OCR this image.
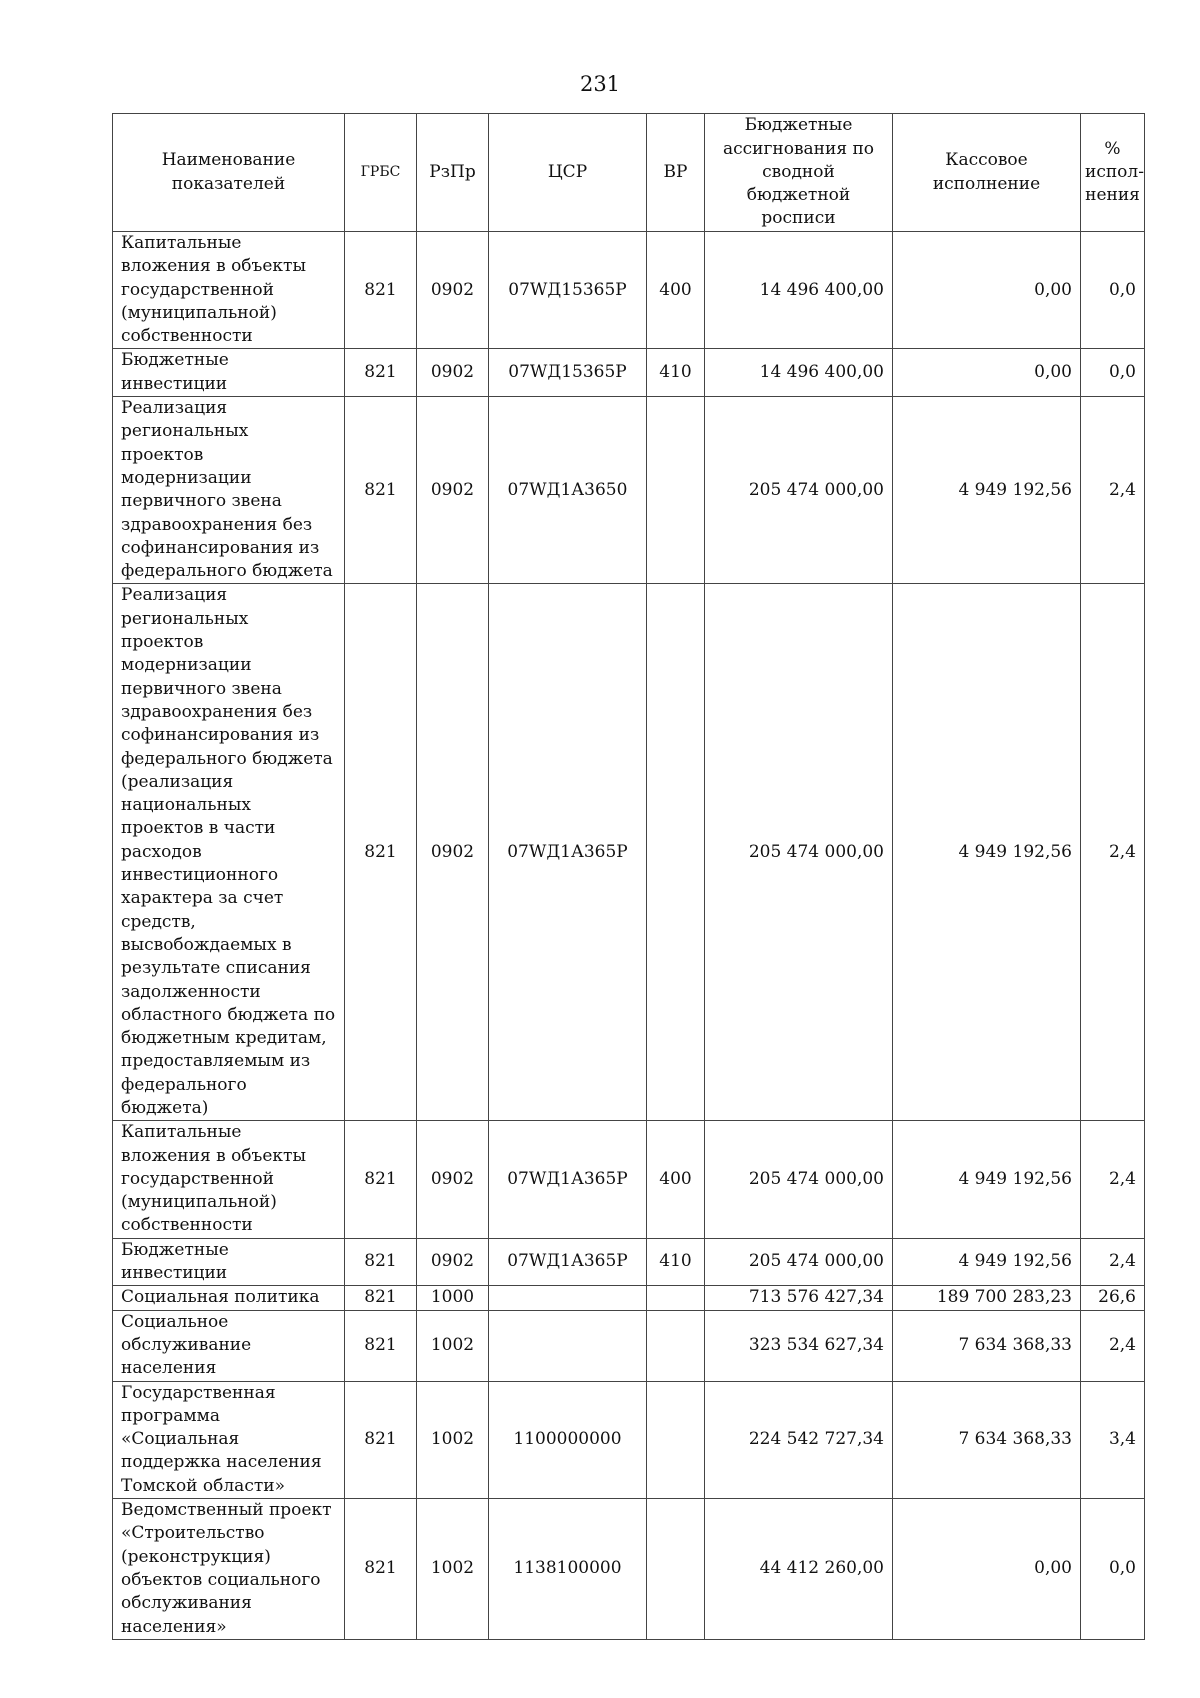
231
Наименование показателей	ГРБС	РзПр	ЦСР	ВР	Бюджетные ассигнования по сводной бюджетной росписи	Кассовое исполнение	% испол-нения
Капитальные вложения в объекты государственной (муниципальной) собственности	821	0902	07WД15365P	400	14 496 400,00	0,00	0,0
Бюджетные инвестиции	821	0902	07WД15365P	410	14 496 400,00	0,00	0,0
Реализация региональных проектов модернизации первичного звена здравоохранения без софинансирования из федерального бюджета	821	0902	07WД1А3650		205 474 000,00	4 949 192,56	2,4
Реализация региональных проектов модернизации первичного звена здравоохранения без софинансирования из федерального бюджета (реализация национальных проектов в части расходов инвестиционного характера за счет средств, высвобождаемых в результате списания задолженности областного бюджета по бюджетным кредитам, предоставляемым из федерального бюджета)	821	0902	07WД1А365P		205 474 000,00	4 949 192,56	2,4
Капитальные вложения в объекты государственной (муниципальной) собственности	821	0902	07WД1А365P	400	205 474 000,00	4 949 192,56	2,4
Бюджетные инвестиции	821	0902	07WД1А365P	410	205 474 000,00	4 949 192,56	2,4
Социальная политика	821	1000			713 576 427,34	189 700 283,23	26,6
Социальное обслуживание населения	821	1002			323 534 627,34	7 634 368,33	2,4
Государственная программа «Социальная поддержка населения Томской области»	821	1002	1100000000		224 542 727,34	7 634 368,33	3,4
Ведомственный проект «Строительство (реконструкция) объектов социального обслуживания населения»	821	1002	1138100000		44 412 260,00	0,00	0,0
